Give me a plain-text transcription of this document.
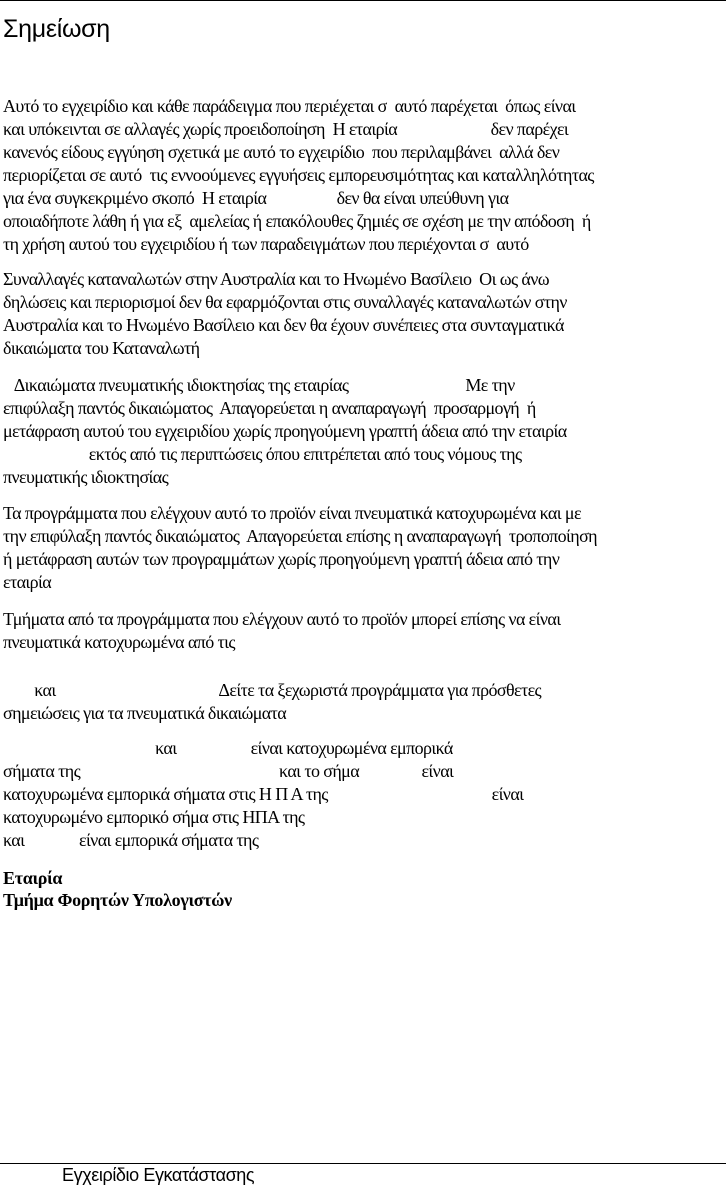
Σημείωση
Αυτό το εγχειρίδιο και κάθε παράδειγμα που περιέχεται σ  αυτό παρέχεται  όπως είναι
και υπόκεινται σε αλλαγές χωρίς προειδοποίηση  Η εταιρία                        δεν παρέχει
κανενός είδους εγγύηση σχετικά με αυτό το εγχειρίδιο  που περιλαμβάνει  αλλά δεν
περιορίζεται σε αυτό  τις εννοούμενες εγγυήσεις εμπορευσιμότητας και καταλληλότητας
για ένα συγκεκριμένο σκοπό  Η εταιρία                  δεν θα είναι υπεύθυνη για
οποιαδήποτε λάθη ή για εξ  αμελείας ή επακόλουθες ζημιές σε σχέση με την απόδοση  ή
τη χρήση αυτού του εγχειριδίου ή των παραδειγμάτων που περιέχονται σ  αυτό
Συναλλαγές καταναλωτών στην Αυστραλία και το Ηνωμένο Βασίλειο  Οι ως άνω
δηλώσεις και περιορισμοί δεν θα εφαρμόζονται στις συναλλαγές καταναλωτών στην
Αυστραλία και το Ηνωμένο Βασίλειο και δεν θα έχουν συνέπειες στα συνταγματικά
δικαιώματα του Καταναλωτή
Δικαιώματα πνευματικής ιδιοκτησίας της εταιρίας                              Με την
επιφύλαξη παντός δικαιώματος  Απαγορεύεται η αναπαραγωγή  προσαρμογή  ή
μετάφραση αυτού του εγχειριδίου χωρίς προηγούμενη γραπτή άδεια από την εταιρία
εκτός από τις περιπτώσεις όπου επιτρέπεται από τους νόμους της
πνευματικής ιδιοκτησίας
Τα προγράμματα που ελέγχουν αυτό το προϊόν είναι πνευματικά κατοχυρωμένα και με
την επιφύλαξη παντός δικαιώματος  Απαγορεύεται επίσης η αναπαραγωγή  τροποποίηση
ή μετάφραση αυτών των προγραμμάτων χωρίς προηγούμενη γραπτή άδεια από την
εταιρία
Τμήματα από τα προγράμματα που ελέγχουν αυτό το προϊόν μπορεί επίσης να είναι
πνευματικά κατοχυρωμένα από τις
και                                          Δείτε τα ξεχωριστά προγράμματα για πρόσθετες
σημειώσεις για τα πνευματικά δικαιώματα
και                   είναι κατοχυρωμένα εμπορικά
σήματα της                                                   και το σήμα                είναι
κατοχυρωμένα εμπορικά σήματα στις Η Π Α της                                          είναι
κατοχυρωμένο εμπορικό σήμα στις ΗΠΑ της
και              είναι εμπορικά σήματα της
Εταιρία
Τμήμα Φορητών Υπολογιστών
Εγχειρίδιο Εγκατάστασης
